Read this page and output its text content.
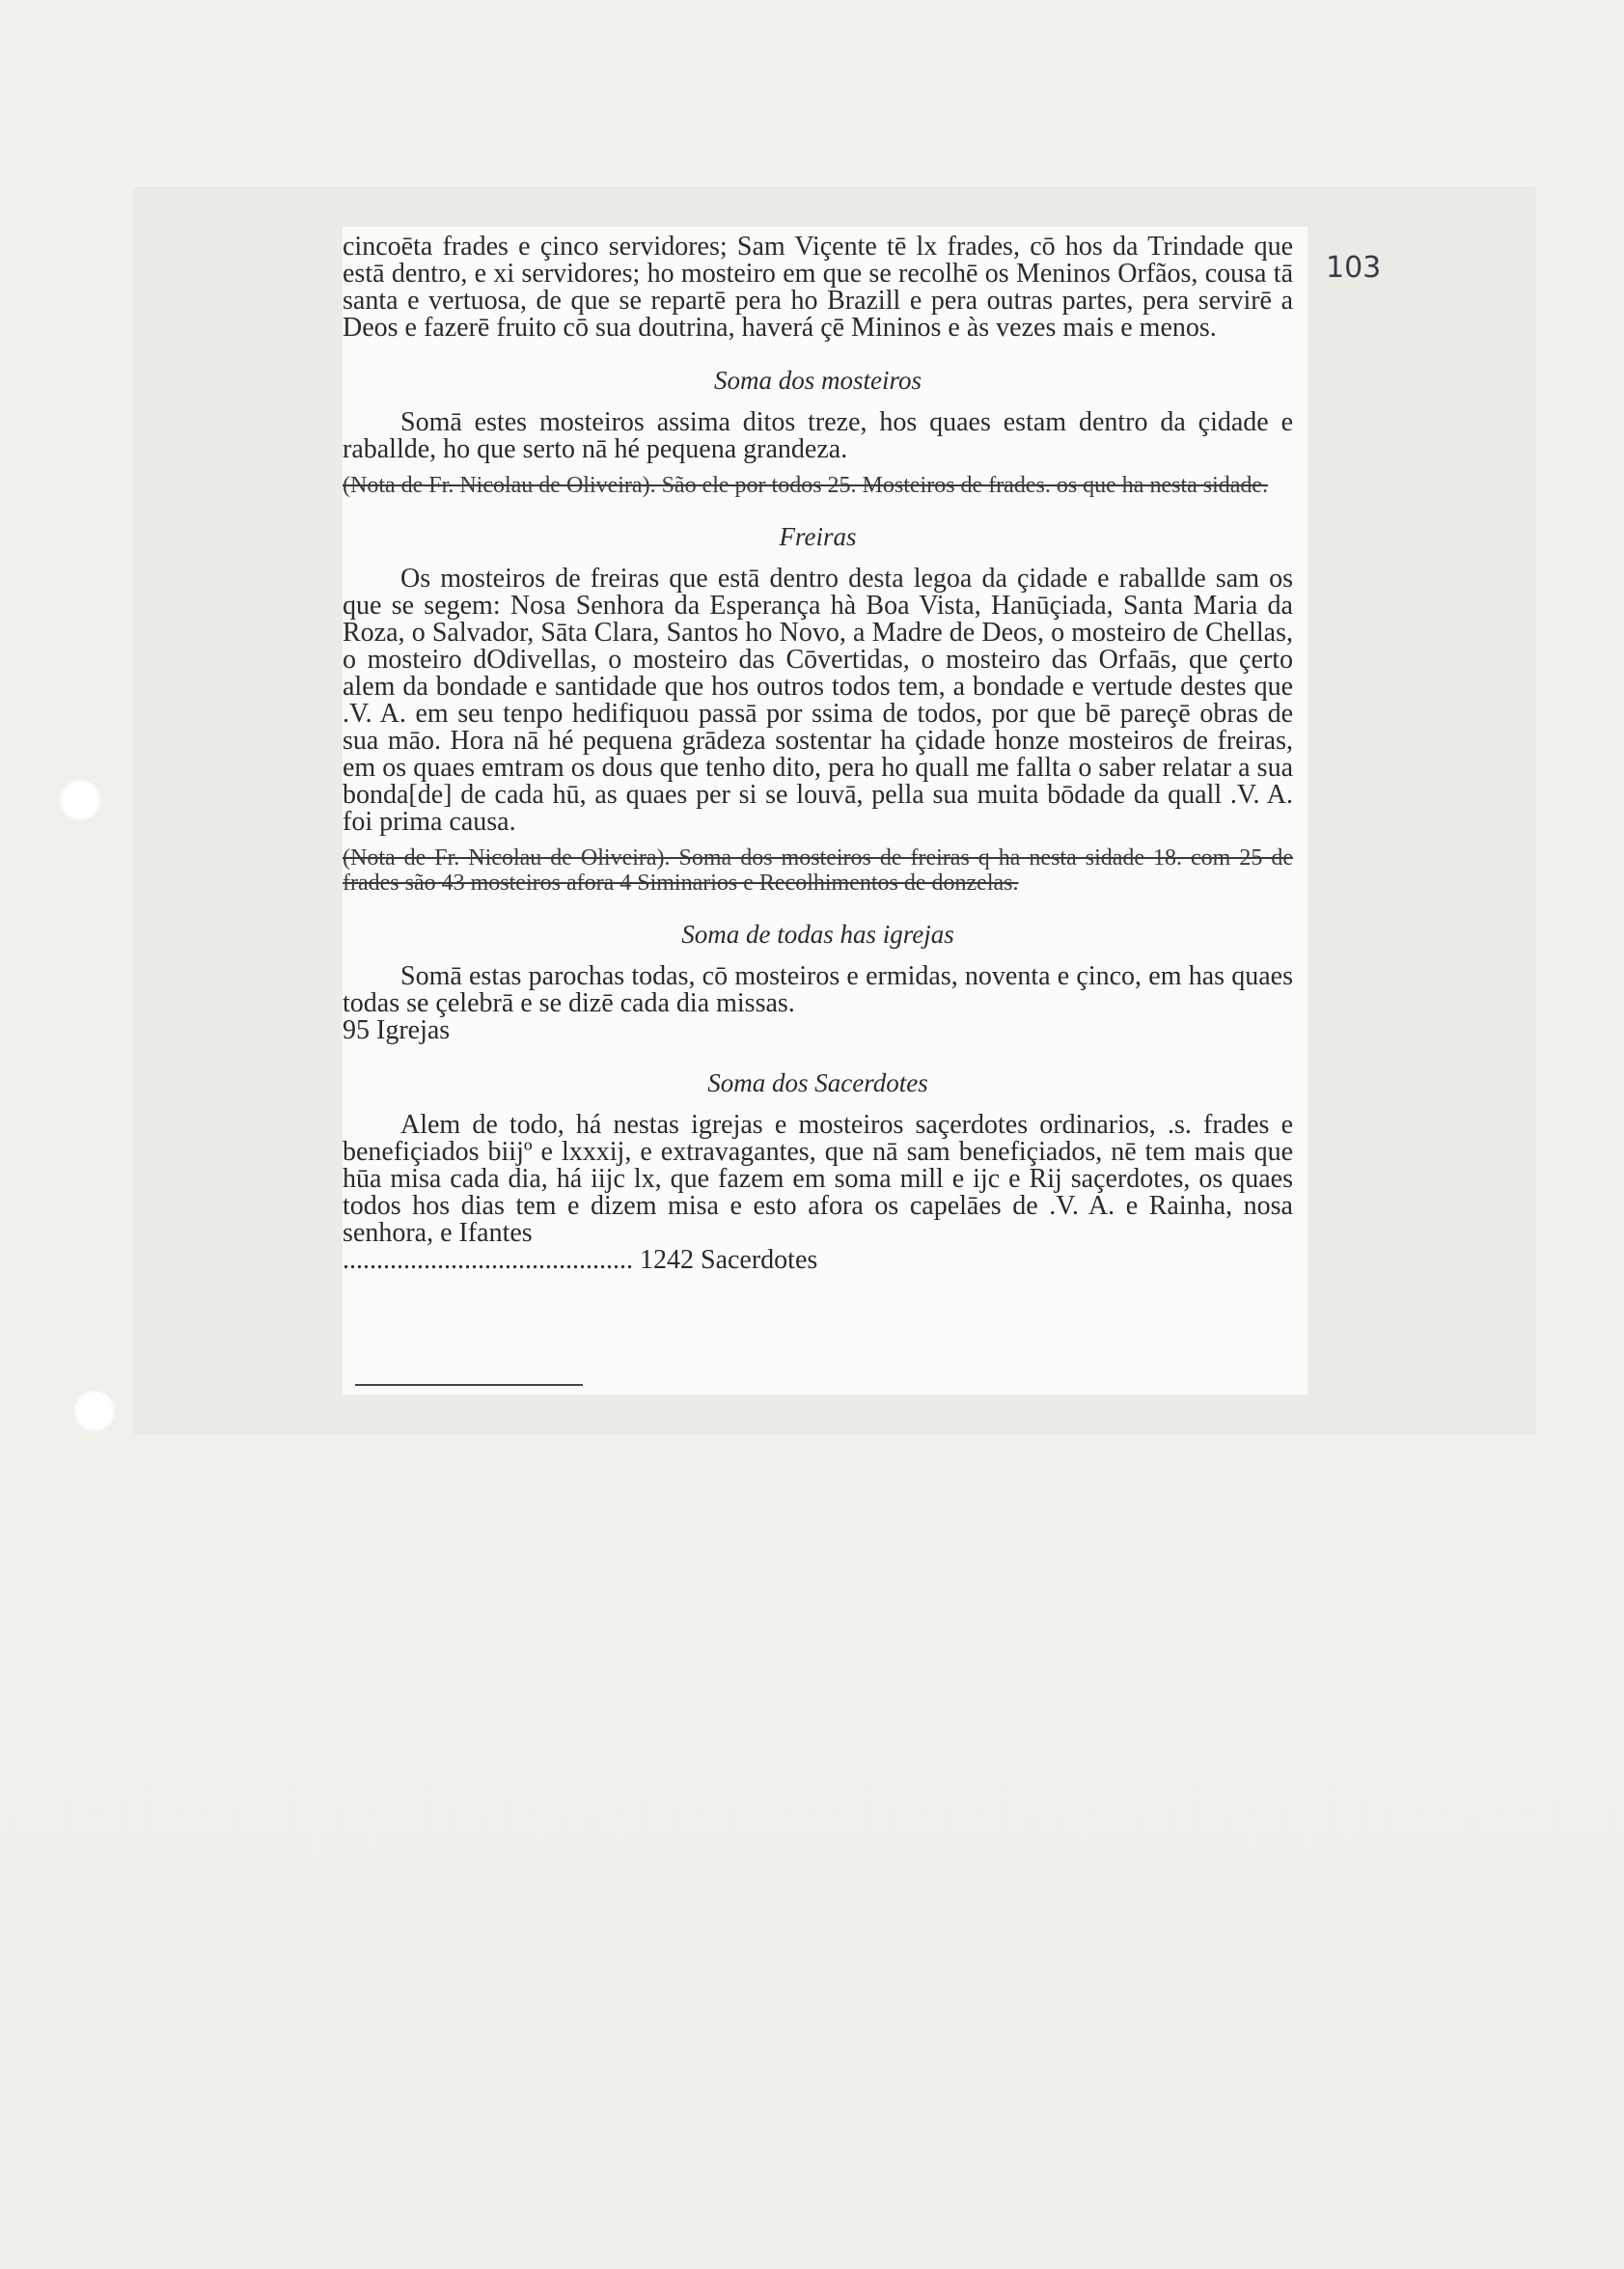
103

cincoēta frades e çinco servidores; Sam Viçente tē lx frades, cō hos da Trindade que estā dentro, e xi servidores; ho mosteiro em que se recolhē os Meninos Orfãos, cousa tā santa e vertuosa, de que se repartē pera ho Brazill e pera outras partes, pera servirē a Deos e fazerē fruito cō sua doutrina, haverá çē Mininos e às vezes mais e menos.

Soma dos mosteiros

Somā estes mosteiros assima ditos treze, hos quaes estam dentro da çidade e raballde, ho que serto nā hé pequena grandeza.

(Nota de Fr. Nicolau de Oliveira). São ele por todos 25. Mosteiros de frades. os que ha nesta sidade.

Freiras

Os mosteiros de freiras que estā dentro desta legoa da çidade e raballde sam os que se segem: Nosa Senhora da Esperança hà Boa Vista, Hanūçiada, Santa Maria da Roza, o Salvador, Sāta Clara, Santos ho Novo, a Madre de Deos, o mosteiro de Chellas, o mosteiro dOdivellas, o mosteiro das Cōvertidas, o mosteiro das Orfaās, que çerto alem da bondade e santidade que hos outros todos tem, a bondade e vertude destes que .V. A. em seu tenpo hedifiquou passā por ssima de todos, por que bē pareçē obras de sua māo. Hora nā hé pequena grādeza sostentar ha çidade honze mosteiros de freiras, em os quaes emtram os dous que tenho dito, pera ho quall me fallta o saber relatar a sua bonda[de] de cada hū, as quaes per si se louvā, pella sua muita bōdade da quall .V. A. foi prima causa.

(Nota de Fr. Nicolau de Oliveira). Soma dos mosteiros de freiras q ha nesta sidade 18. com 25 de frades são 43 mosteiros afora 4 Siminarios e Recolhimentos de donzelas.

Soma de todas has igrejas

Somā estas parochas todas, cō mosteiros e ermidas, noventa e çinco, em has quaes todas se çelebrā e se dizē cada dia missas.

95 Igrejas

Soma dos Sacerdotes

Alem de todo, há nestas igrejas e mosteiros saçerdotes ordinarios, .s. frades e benefiçiados biijº e lxxxij, e extravagantes, que nā sam benefiçiados, nē tem mais que hūa misa cada dia, há iijc lx, que fazem em soma mill e ijc e Rij saçerdotes, os quaes todos hos dias tem e dizem misa e esto afora os capelāes de .V. A. e Rainha, nosa senhora, e Ifantes

........................................... 1242 Sacerdotes
